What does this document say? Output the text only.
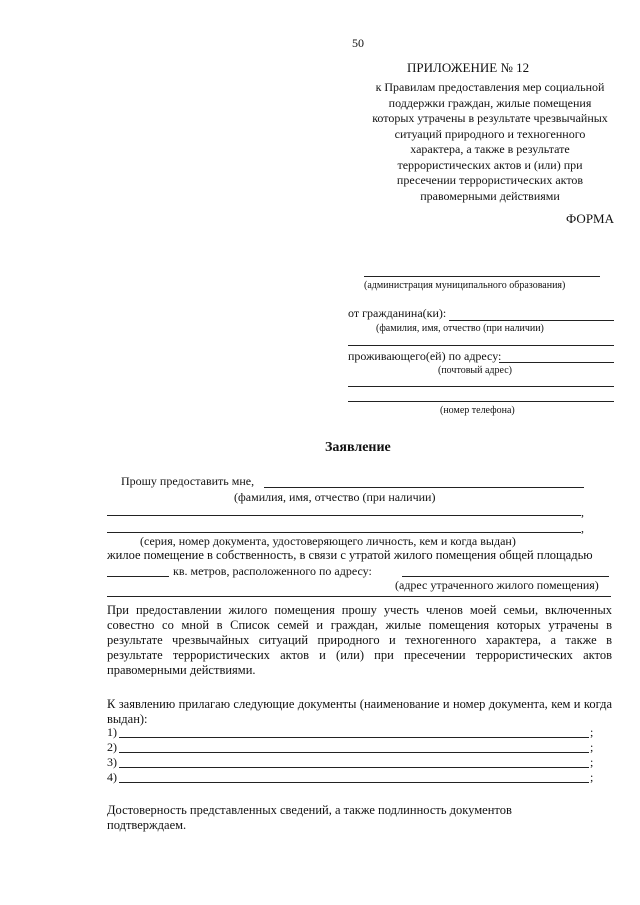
50
ПРИЛОЖЕНИЕ № 12
к Правилам предоставления мер социальной
поддержки граждан, жилые помещения
которых утрачены в результате чрезвычайных
ситуаций природного и техногенного
характера, а также в результате
террористических актов и (или) при
пресечении террористических актов
правомерными действиями
ФОРМА
(администрация муниципального образования)
от гражданина(ки):
(фамилия, имя, отчество (при наличии)
проживающего(ей) по адресу:
(почтовый адрес)
(номер телефона)
Заявление
Прошу предоставить мне,
(фамилия, имя, отчество (при наличии)
,
,
(серия, номер документа, удостоверяющего личность, кем и когда выдан)
жилое помещение в собственность, в связи с утратой жилого помещения общей площадью
кв. метров, расположенного по адресу:
(адрес утраченного жилого помещения)
При предоставлении жилого помещения прошу учесть членов моей семьи, включенных совестно со мной в Список семей и граждан, жилые помещения которых утрачены в результате чрезвычайных ситуаций природного и техногенного характера, а также в результате террористических актов и (или) при пресечении террористических актов правомерными действиями.
К заявлению прилагаю следующие документы (наименование и номер документа, кем и когда выдан):
1)	;
2)	;
3)	;
4)	;
Достоверность представленных сведений, а также подлинность документов подтверждаем.
